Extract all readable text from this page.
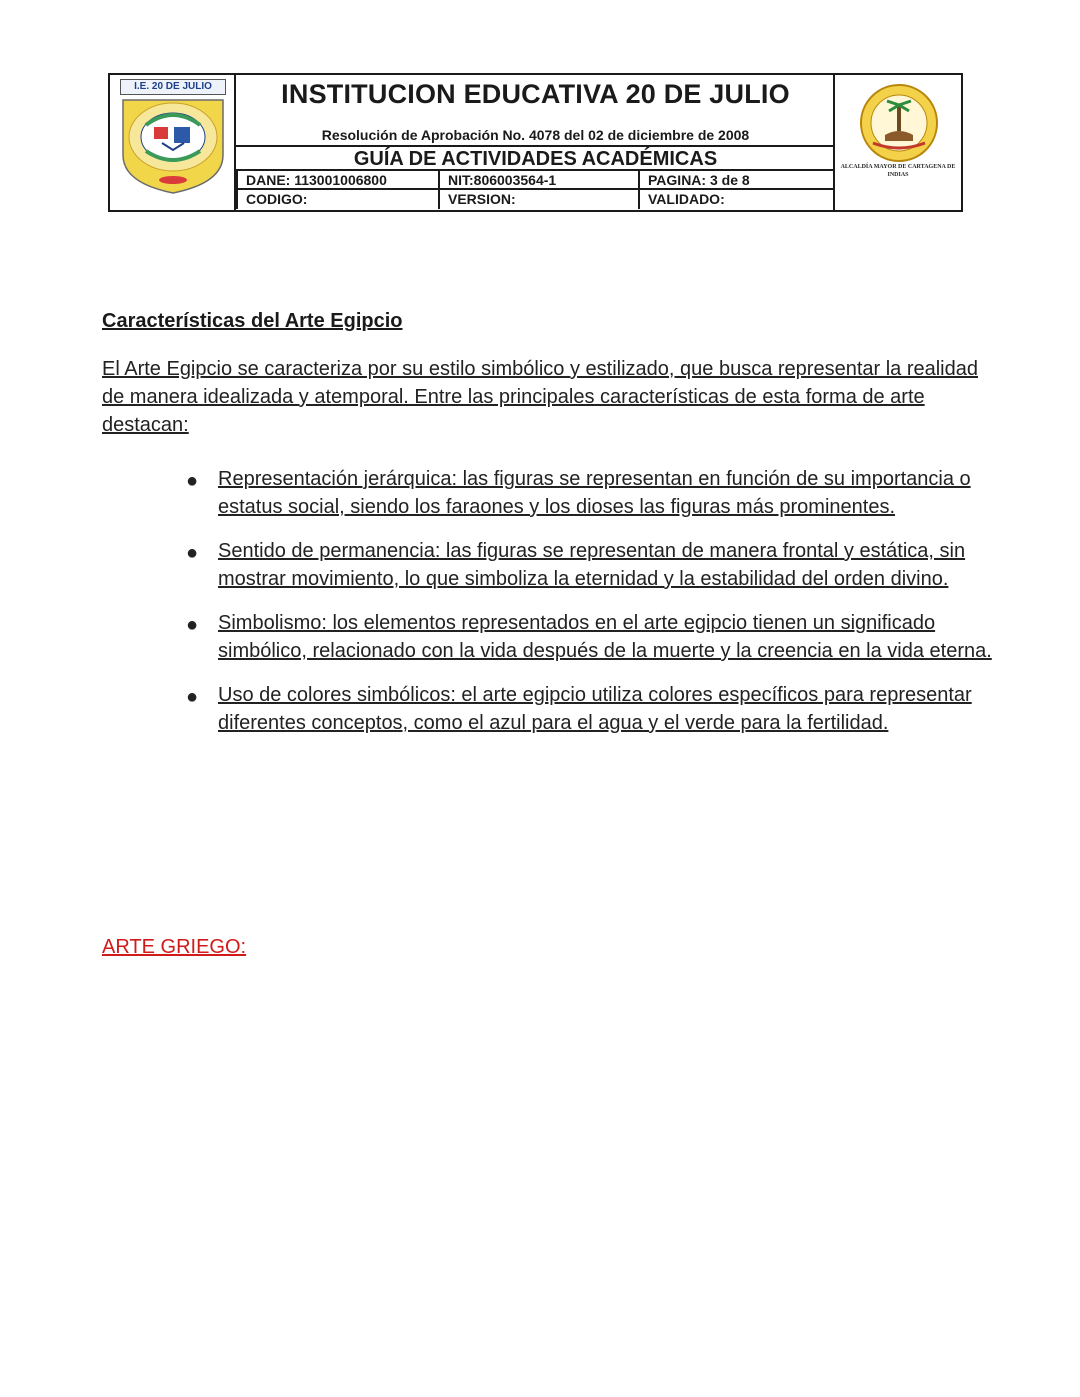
I.E. 20 DE JULIO	INSTITUCION EDUCATIVA 20 DE JULIO
Resolución de Aprobación No. 4078 del 02 de diciembre de 2008
GUÍA DE ACTIVIDADES ACADÉMICAS
DANE: 113001006800	NIT:806003564-1	PAGINA: 3 de 8
CODIGO:	VERSION:	VALIDADO:
ALCALDÍA MAYOR DE CARTAGENA DE INDIAS
Características del Arte Egipcio

El Arte Egipcio se caracteriza por su estilo simbólico y estilizado, que busca representar la realidad de manera idealizada y atemporal. Entre las principales características de esta forma de arte destacan:

● Representación jerárquica: las figuras se representan en función de su importancia o estatus social, siendo los faraones y los dioses las figuras más prominentes.
● Sentido de permanencia: las figuras se representan de manera frontal y estática, sin mostrar movimiento, lo que simboliza la eternidad y la estabilidad del orden divino.
● Simbolismo: los elementos representados en el arte egipcio tienen un significado simbólico, relacionado con la vida después de la muerte y la creencia en la vida eterna.
● Uso de colores simbólicos: el arte egipcio utiliza colores específicos para representar diferentes conceptos, como el azul para el agua y el verde para la fertilidad.
ARTE GRIEGO:
